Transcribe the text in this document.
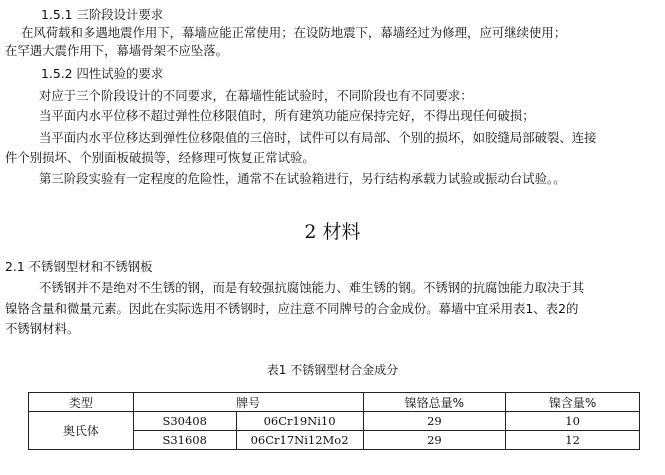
1.5.1 三阶段设计要求
在风荷载和多遇地震作用下，幕墙应能正常使用；在设防地震下，幕墙经过为修理，应可继续使用；
在罕遇大震作用下，幕墙骨架不应坠落。
1.5.2 四性试验的要求
对应于三个阶段设计的不同要求，在幕墙性能试验时，不同阶段也有不同要求：
当平面内水平位移不超过弹性位移限值时，所有建筑功能应保持完好，不得出现任何破损；
当平面内水平位移达到弹性位移限值的三倍时，试件可以有局部、个别的损坏，如胶缝局部破裂、连接
件个别损坏、个别面板破损等，经修理可恢复正常试验。
第三阶段实验有一定程度的危险性，通常不在试验箱进行，另行结构承载力试验或振动台试验。。
2 材料
2.1 不锈钢型材和不锈钢板
不锈钢并不是绝对不生锈的钢，而是有较强抗腐蚀能力、难生锈的钢。不锈钢的抗腐蚀能力取决于其
镍铬含量和微量元素。因此在实际选用不锈钢时，应注意不同牌号的合金成份。幕墙中宜采用表1、表2的
不锈钢材料。
表1 不锈钢型材合金成分
类型	牌号		镍铬总量%	镍含量%
奥氏体	S30408	06Cr19Ni10	29	10
	S31608	06Cr17Ni12Mo2	29	12
